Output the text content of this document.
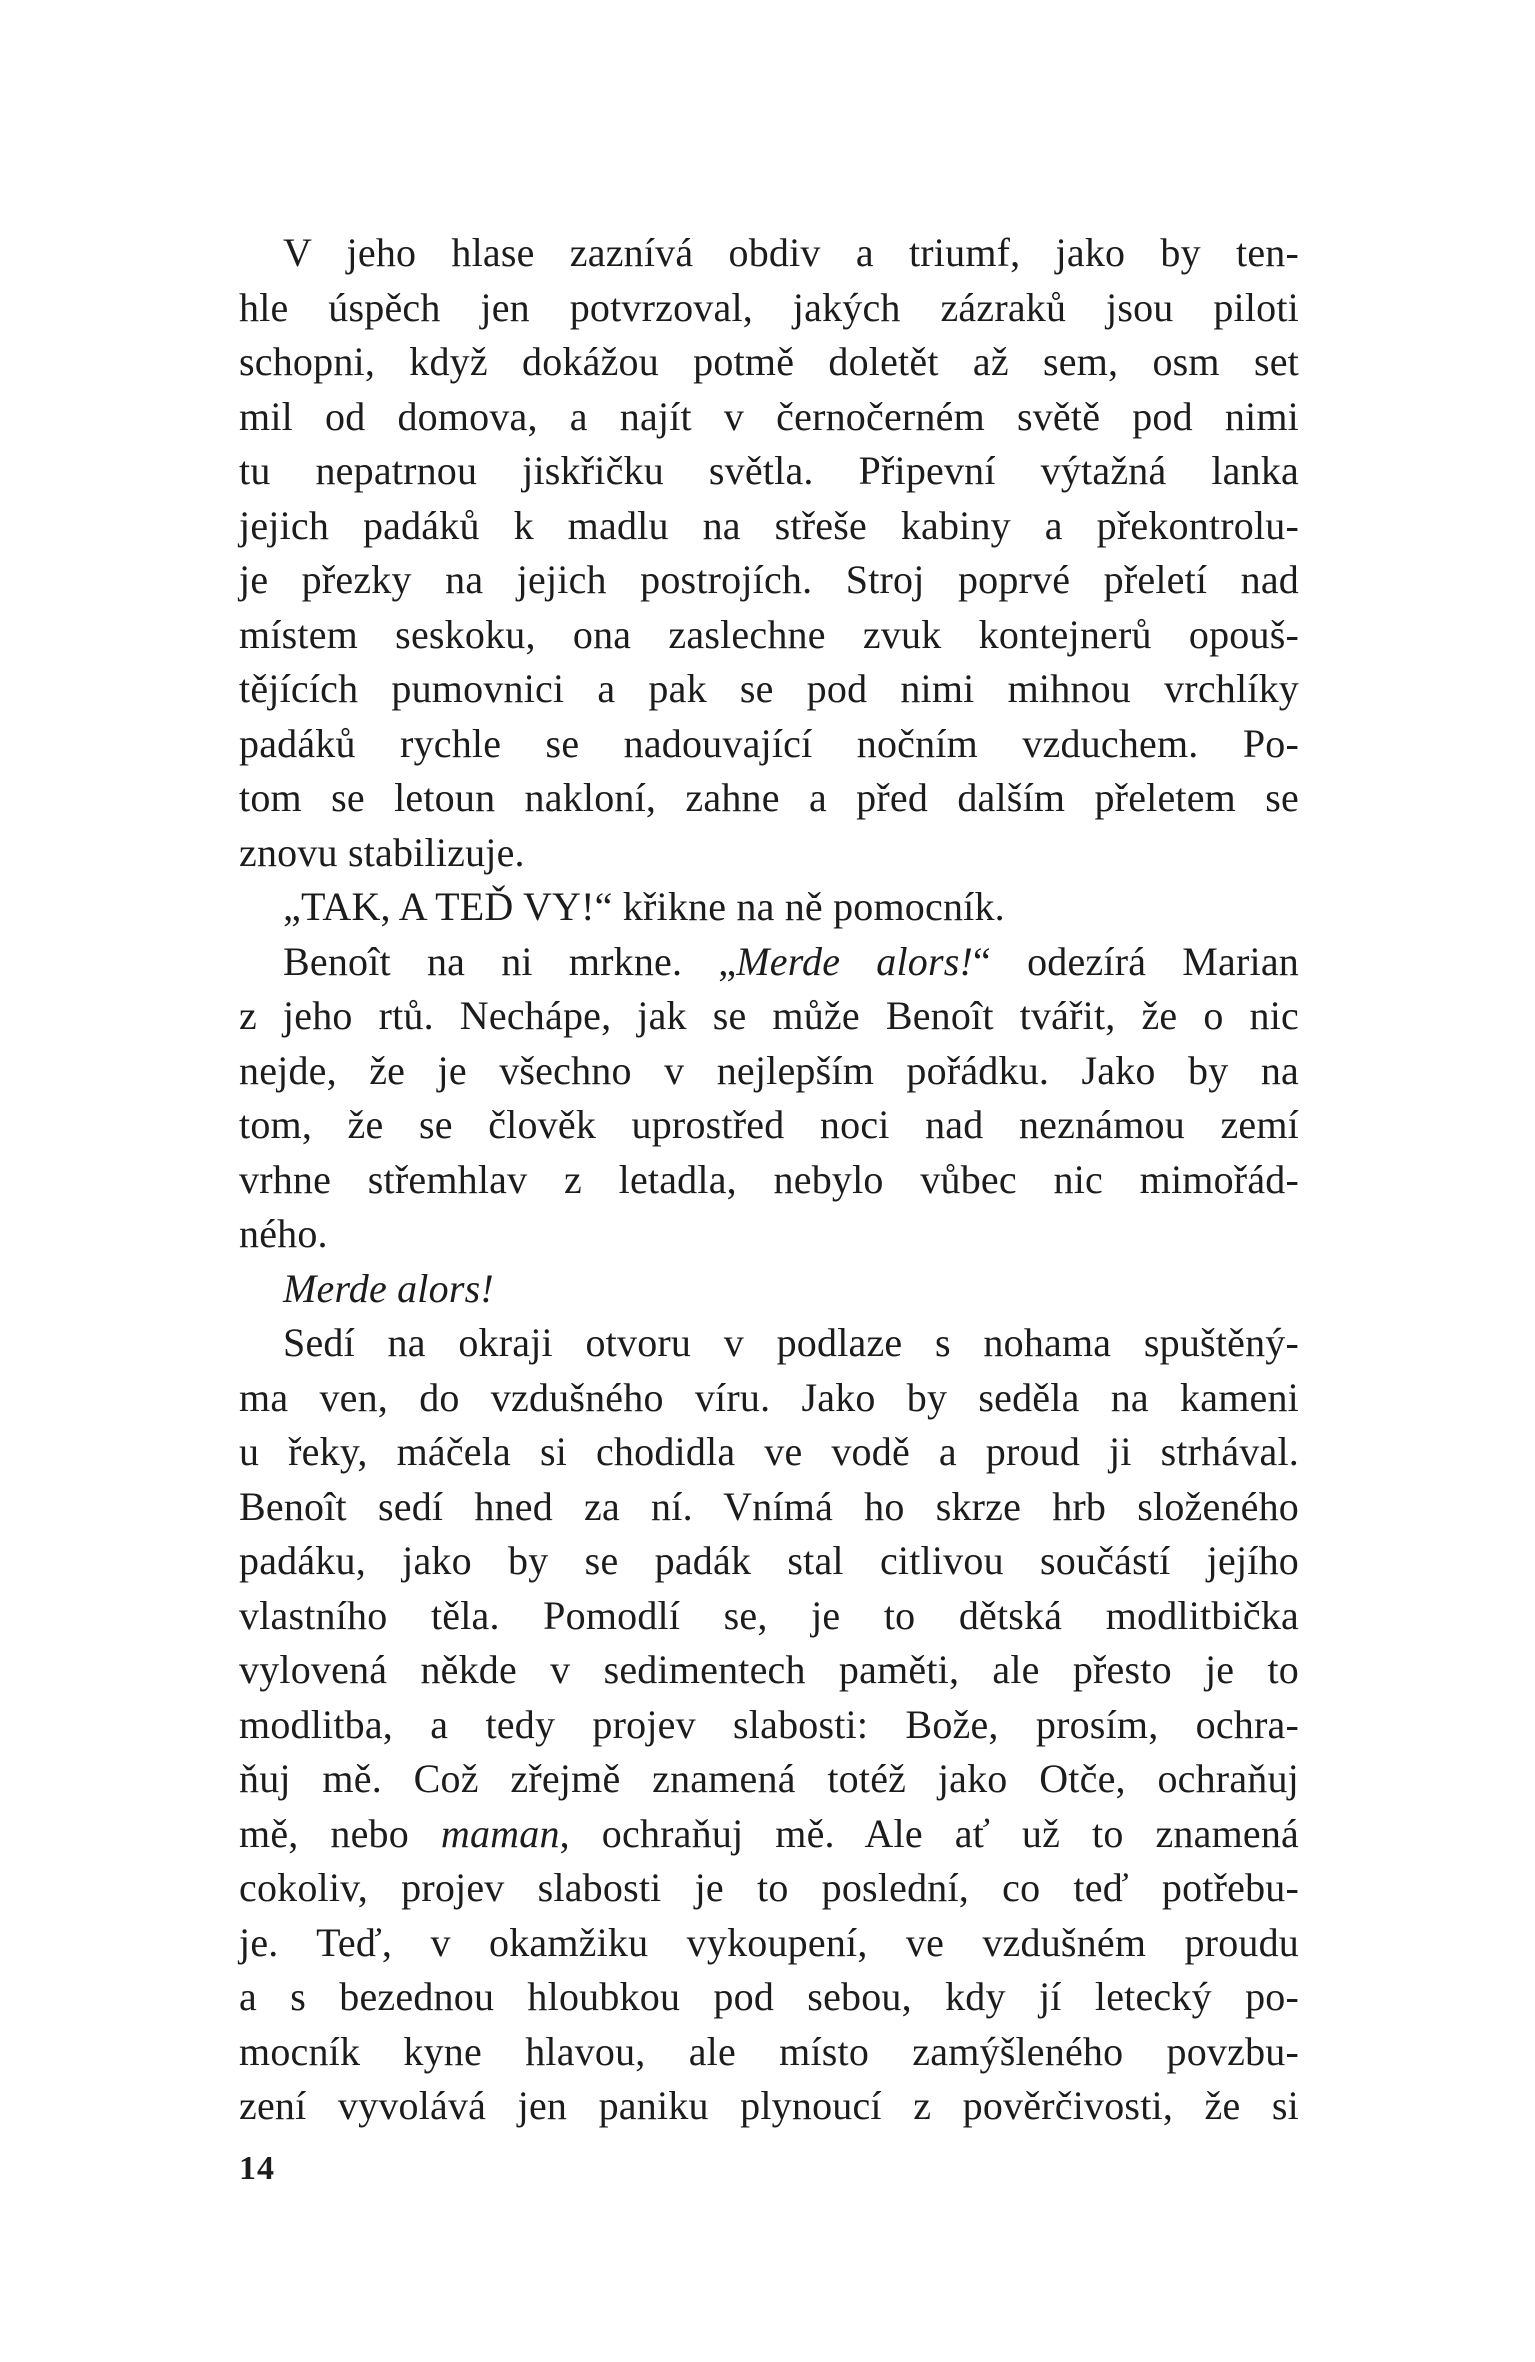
V jeho hlase zaznívá obdiv a triumf, jako by ten-
hle úspěch jen potvrzoval, jakých zázraků jsou piloti
schopni, když dokážou potmě doletět až sem, osm set
mil od domova, a najít v černočerném světě pod nimi
tu nepatrnou jiskřičku světla. Připevní výtažná lanka
jejich padáků k madlu na střeše kabiny a překontrolu-
je přezky na jejich postrojích. Stroj poprvé přeletí nad
místem seskoku, ona zaslechne zvuk kontejnerů opouš-
tějících pumovnici a pak se pod nimi mihnou vrchlíky
padáků rychle se nadouvající nočním vzduchem. Po-
tom se letoun nakloní, zahne a před dalším přeletem se
znovu stabilizuje.
„TAK, A TEĎ VY!“ křikne na ně pomocník.
Benoît na ni mrkne. „Merde alors!“ odezírá Marian
z jeho rtů. Nechápe, jak se může Benoît tvářit, že o nic
nejde, že je všechno v nejlepším pořádku. Jako by na
tom, že se člověk uprostřed noci nad neznámou zemí
vrhne střemhlav z letadla, nebylo vůbec nic mimořád-
ného.
Merde alors!
Sedí na okraji otvoru v podlaze s nohama spuštěný-
ma ven, do vzdušného víru. Jako by seděla na kameni
u řeky, máčela si chodidla ve vodě a proud ji strhával.
Benoît sedí hned za ní. Vnímá ho skrze hrb složeného
padáku, jako by se padák stal citlivou součástí jejího
vlastního těla. Pomodlí se, je to dětská modlitbička
vylovená někde v sedimentech paměti, ale přesto je to
modlitba, a tedy projev slabosti: Bože, prosím, ochra-
ňuj mě. Což zřejmě znamená totéž jako Otče, ochraňuj
mě, nebo maman, ochraňuj mě. Ale ať už to znamená
cokoliv, projev slabosti je to poslední, co teď potřebu-
je. Teď, v okamžiku vykoupení, ve vzdušném proudu
a s bezednou hloubkou pod sebou, kdy jí letecký po-
mocník kyne hlavou, ale místo zamýšleného povzbu-
zení vyvolává jen paniku plynoucí z pověrčivosti, že si
14
